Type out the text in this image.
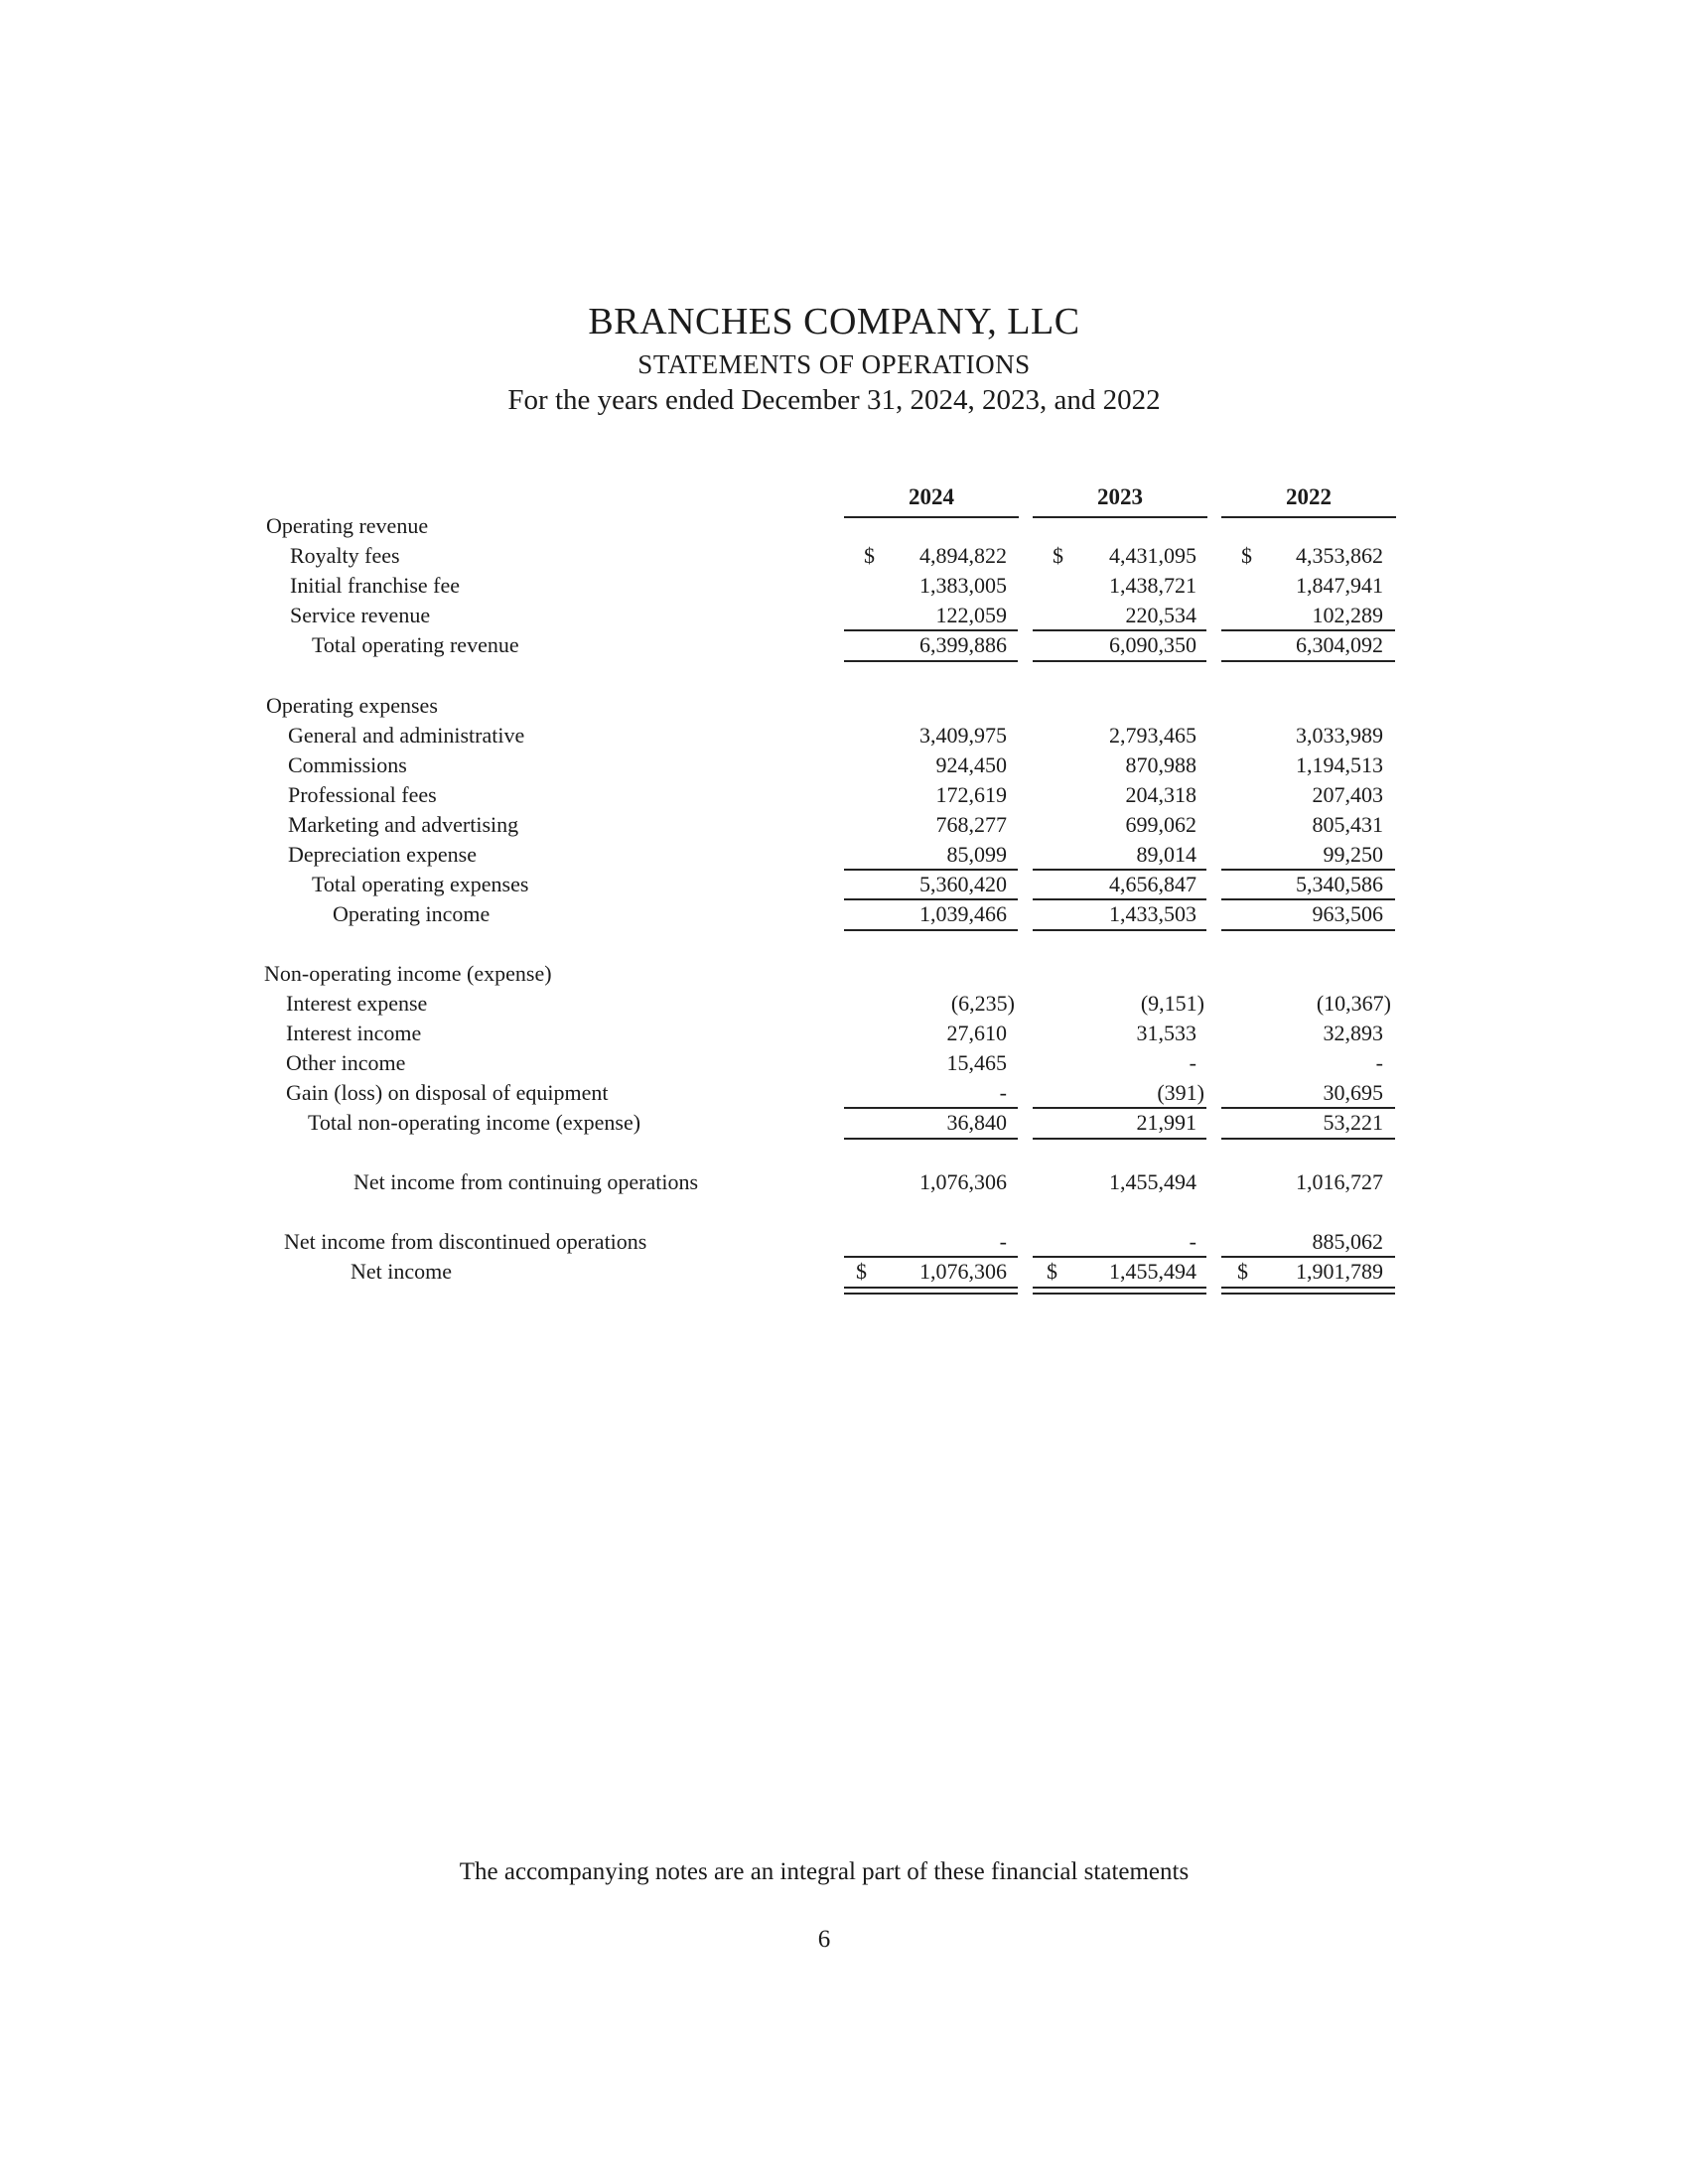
BRANCHES COMPANY, LLC
STATEMENTS OF OPERATIONS
For the years ended December 31, 2024, 2023, and 2022
2024	2023	2022
Operating revenue
Royalty fees	$	4,894,822 $	4,431,095 $	4,353,862
Initial franchise fee	1,383,005	1,438,721	1,847,941
Service revenue	122,059	220,534	102,289
Total operating revenue	6,399,886	6,090,350	6,304,092
Operating expenses
General and administrative	3,409,975	2,793,465	3,033,989
Commissions	924,450	870,988	1,194,513
Professional fees	172,619	204,318	207,403
Marketing and advertising	768,277	699,062	805,431
Depreciation expense	85,099	89,014	99,250
Total operating expenses	5,360,420	4,656,847	5,340,586
Operating income	1,039,466	1,433,503	963,506
Non-operating income (expense)
Interest expense	(6,235)	(9,151)	(10,367)
Interest income	27,610	31,533	32,893
Other income	15,465	-	-
Gain (loss) on disposal of equipment	-	(391)	30,695
Total non-operating income (expense)	36,840	21,991	53,221
Net income from continuing operations	1,076,306	1,455,494	1,016,727
Net income from discontinued operations	-	-	885,062
Net income	$	1,076,306 $	1,455,494 $	1,901,789
The accompanying notes are an integral part of these financial statements
6
